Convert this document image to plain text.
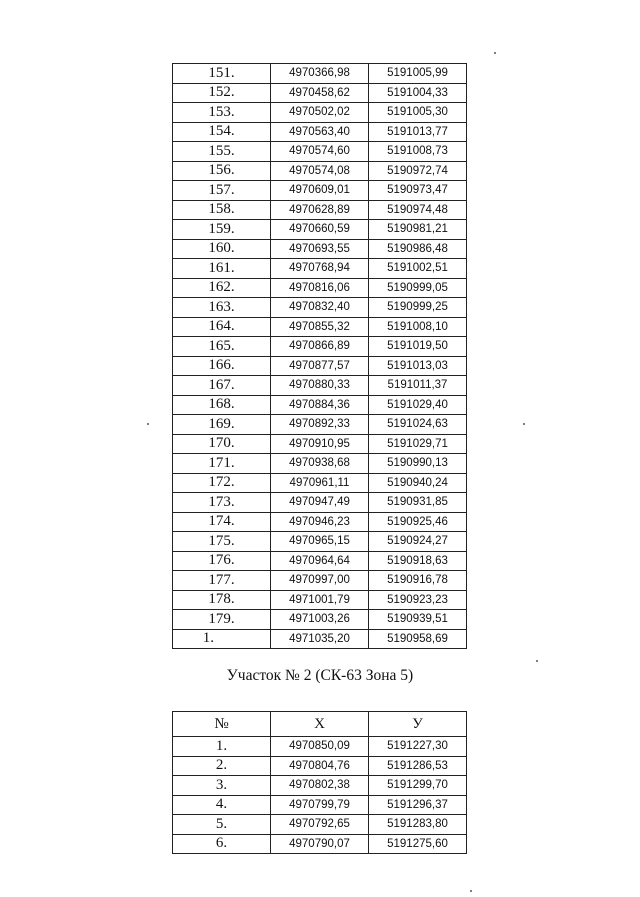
151.	4970366,98	5191005,99
152.	4970458,62	5191004,33
153.	4970502,02	5191005,30
154.	4970563,40	5191013,77
155.	4970574,60	5191008,73
156.	4970574,08	5190972,74
157.	4970609,01	5190973,47
158.	4970628,89	5190974,48
159.	4970660,59	5190981,21
160.	4970693,55	5190986,48
161.	4970768,94	5191002,51
162.	4970816,06	5190999,05
163.	4970832,40	5190999,25
164.	4970855,32	5191008,10
165.	4970866,89	5191019,50
166.	4970877,57	5191013,03
167.	4970880,33	5191011,37
168.	4970884,36	5191029,40
169.	4970892,33	5191024,63
170.	4970910,95	5191029,71
171.	4970938,68	5190990,13
172.	4970961,11	5190940,24
173.	4970947,49	5190931,85
174.	4970946,23	5190925,46
175.	4970965,15	5190924,27
176.	4970964,64	5190918,63
177.	4970997,00	5190916,78
178.	4971001,79	5190923,23
179.	4971003,26	5190939,51
1.	4971035,20	5190958,69
Участок № 2 (СК-63 Зона 5)
№	Х	У
1.	4970850,09	5191227,30
2.	4970804,76	5191286,53
3.	4970802,38	5191299,70
4.	4970799,79	5191296,37
5.	4970792,65	5191283,80
6.	4970790,07	5191275,60
